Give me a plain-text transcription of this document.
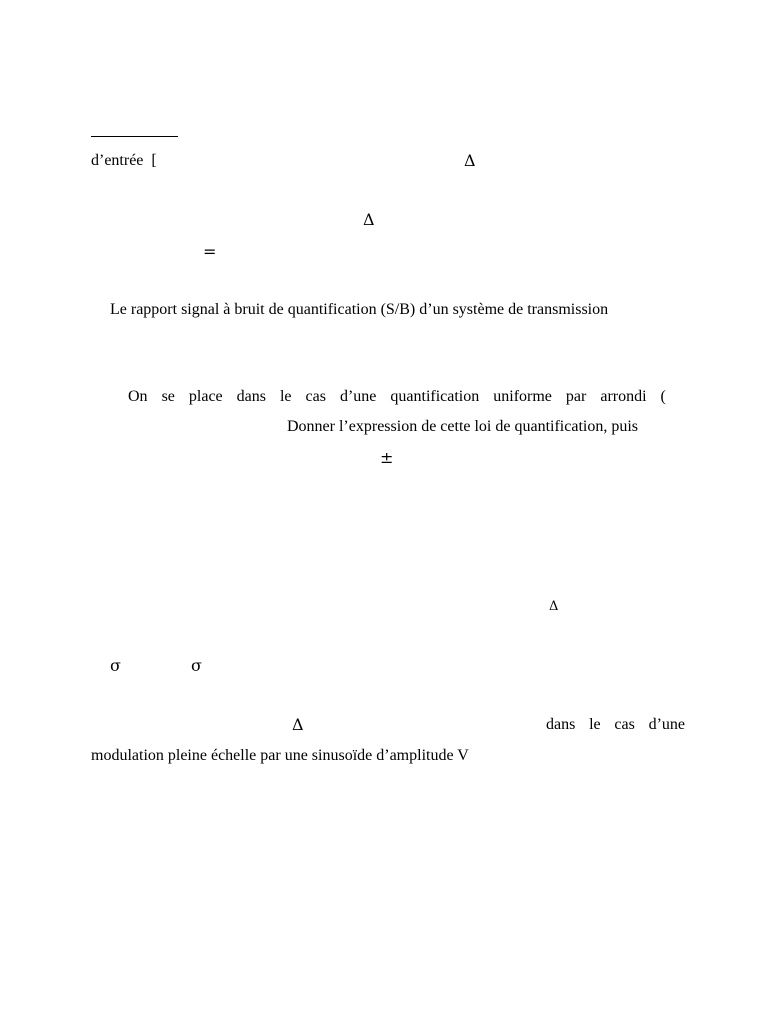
d’entrée  [	Δ
Δ
=
Le rapport signal à bruit de quantification (S/B) d’un système de transmission
On se place dans le cas d’une quantification uniforme par arrondi (
Donner l’expression de cette loi de quantification, puis
±
Δ
σ	σ
Δ	dans le cas d’une
modulation pleine échelle par une sinusoïde d’amplitude V
